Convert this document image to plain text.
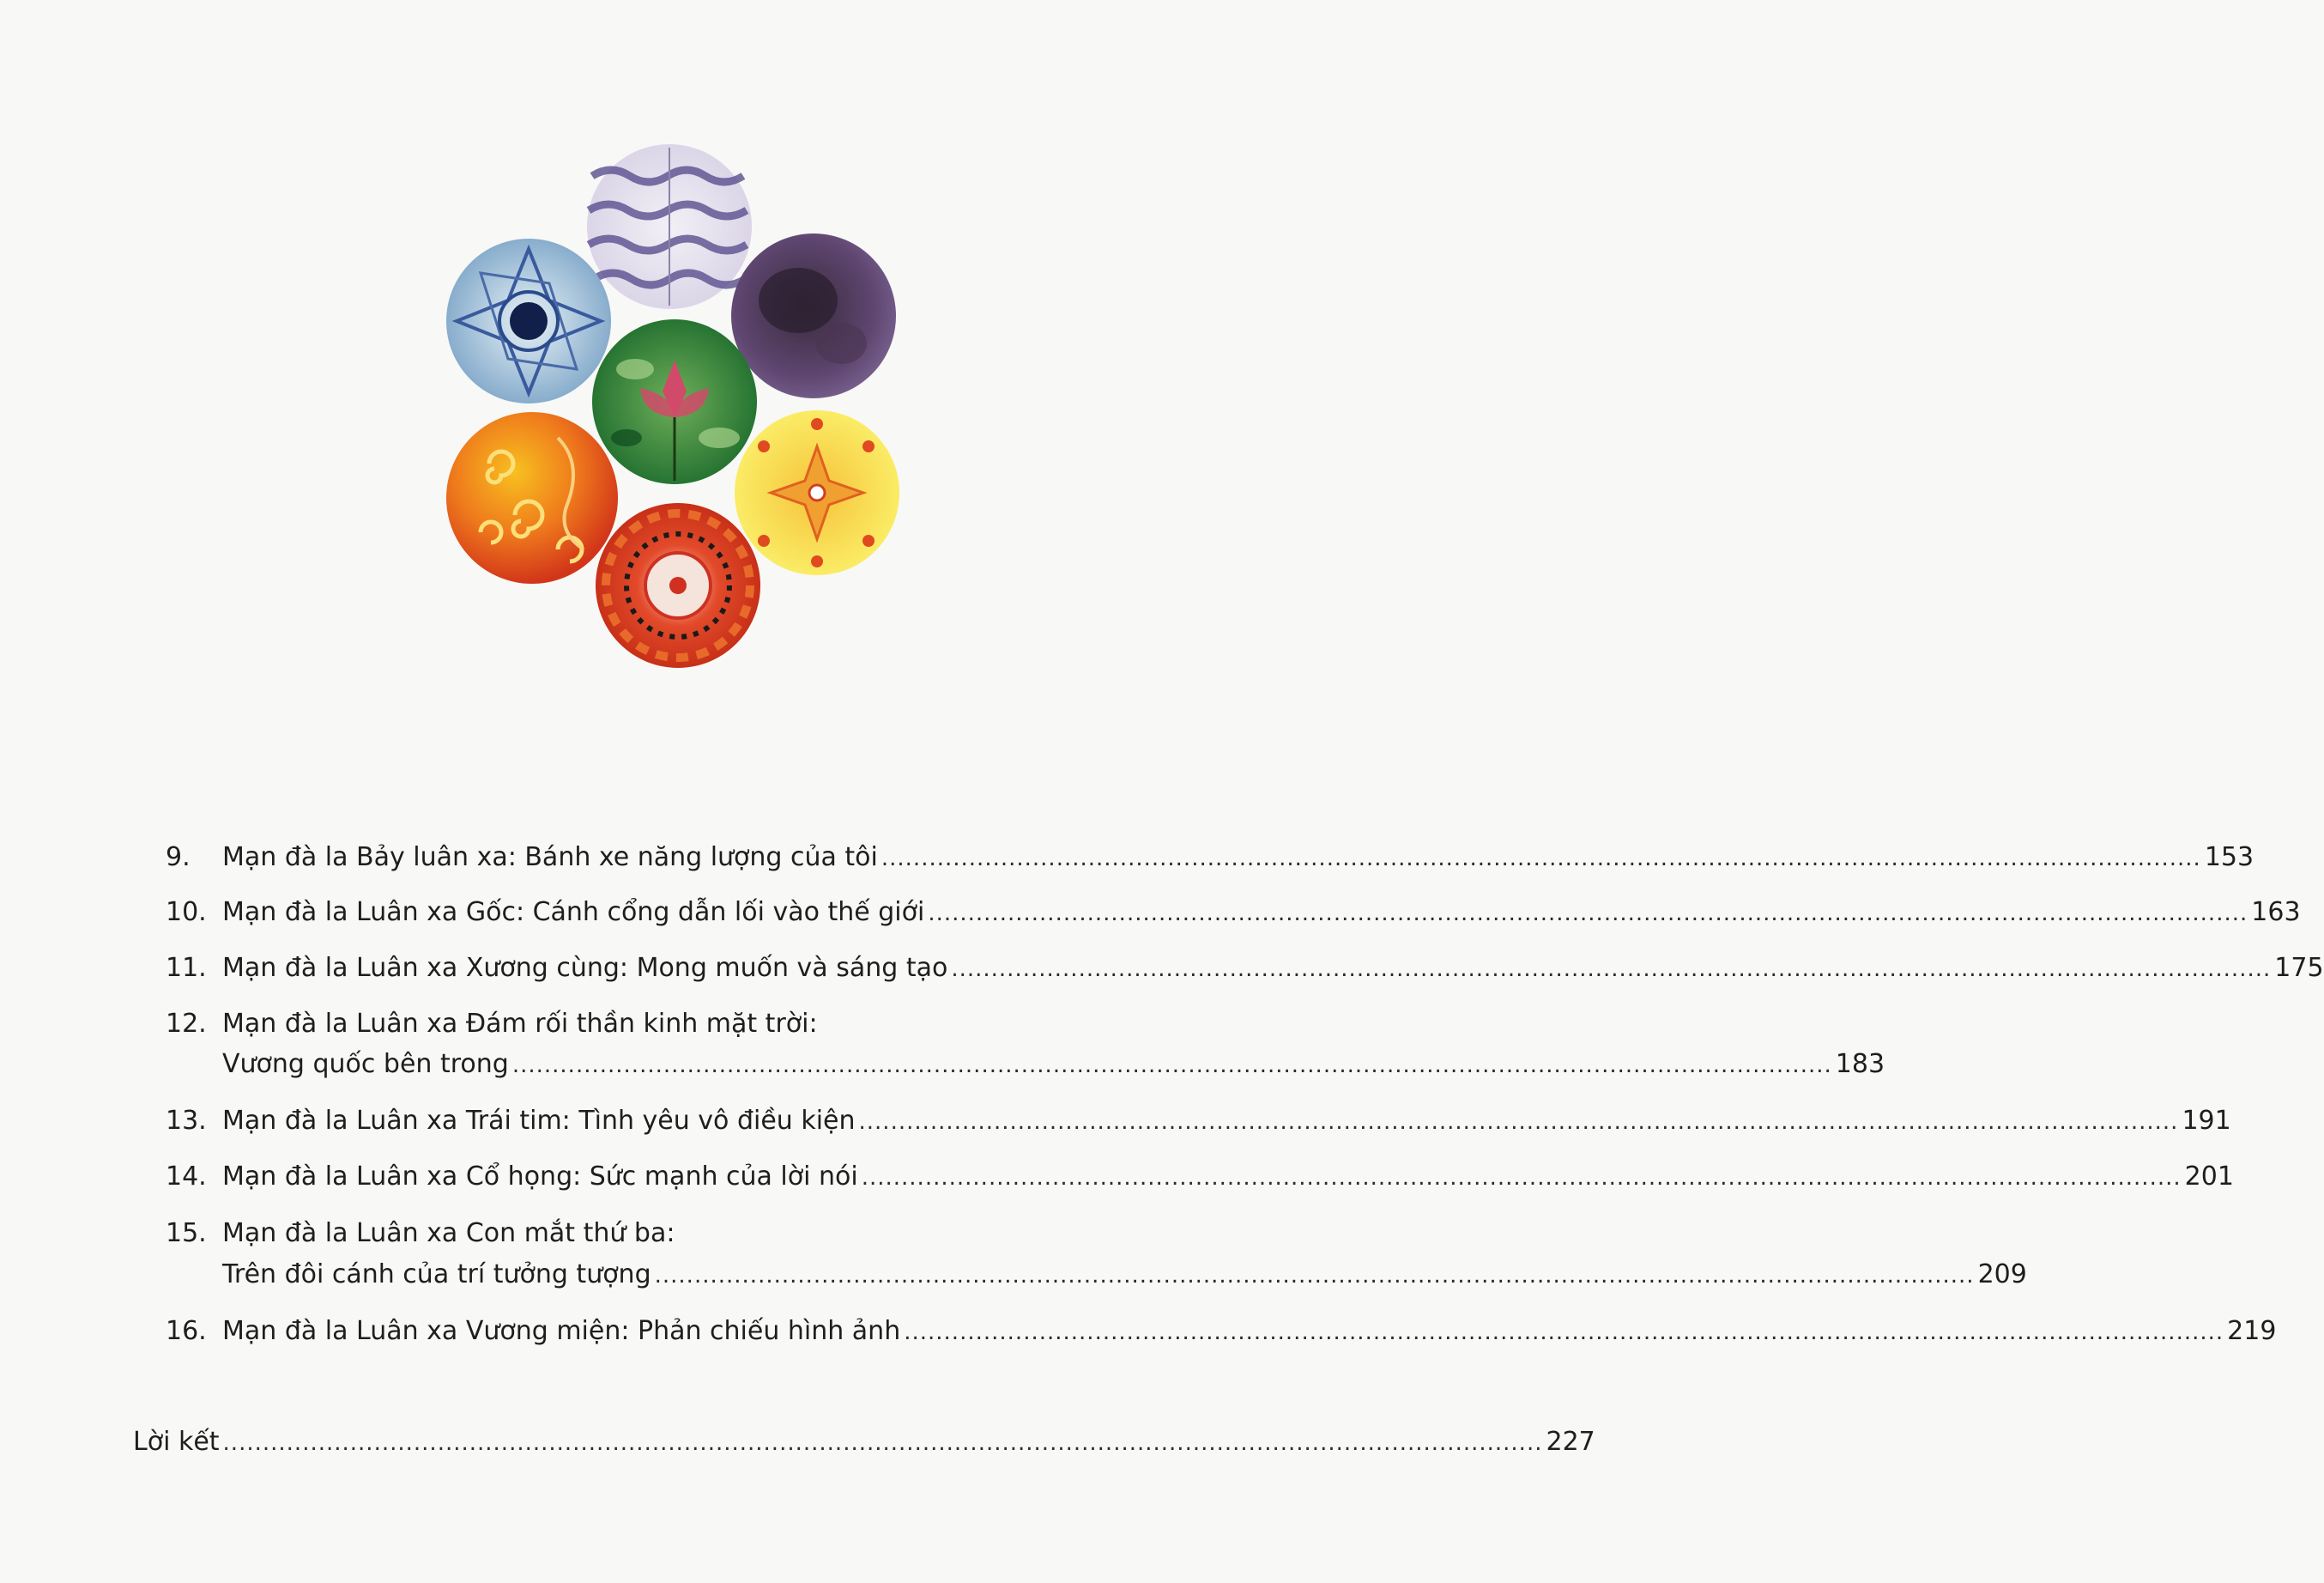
9. Mạn đà la Bảy luân xa: Bánh xe năng lượng của tôi ...................................................................................................................................................................... 153
10. Mạn đà la Luân xa Gốc: Cánh cổng dẫn lối vào thế giới ...................................................................................................................................................................... 163
11. Mạn đà la Luân xa Xương cùng: Mong muốn và sáng tạo ...................................................................................................................................................................... 175
12. Mạn đà la Luân xa Đám rối thần kinh mặt trời:
Vương quốc bên trong ...................................................................................................................................................................... 183
13. Mạn đà la Luân xa Trái tim: Tình yêu vô điều kiện ...................................................................................................................................................................... 191
14. Mạn đà la Luân xa Cổ họng: Sức mạnh của lời nói ...................................................................................................................................................................... 201
15. Mạn đà la Luân xa Con mắt thứ ba:
Trên đôi cánh của trí tưởng tượng ...................................................................................................................................................................... 209
16. Mạn đà la Luân xa Vương miện: Phản chiếu hình ảnh ...................................................................................................................................................................... 219
Lời kết ...................................................................................................................................................................... 227
